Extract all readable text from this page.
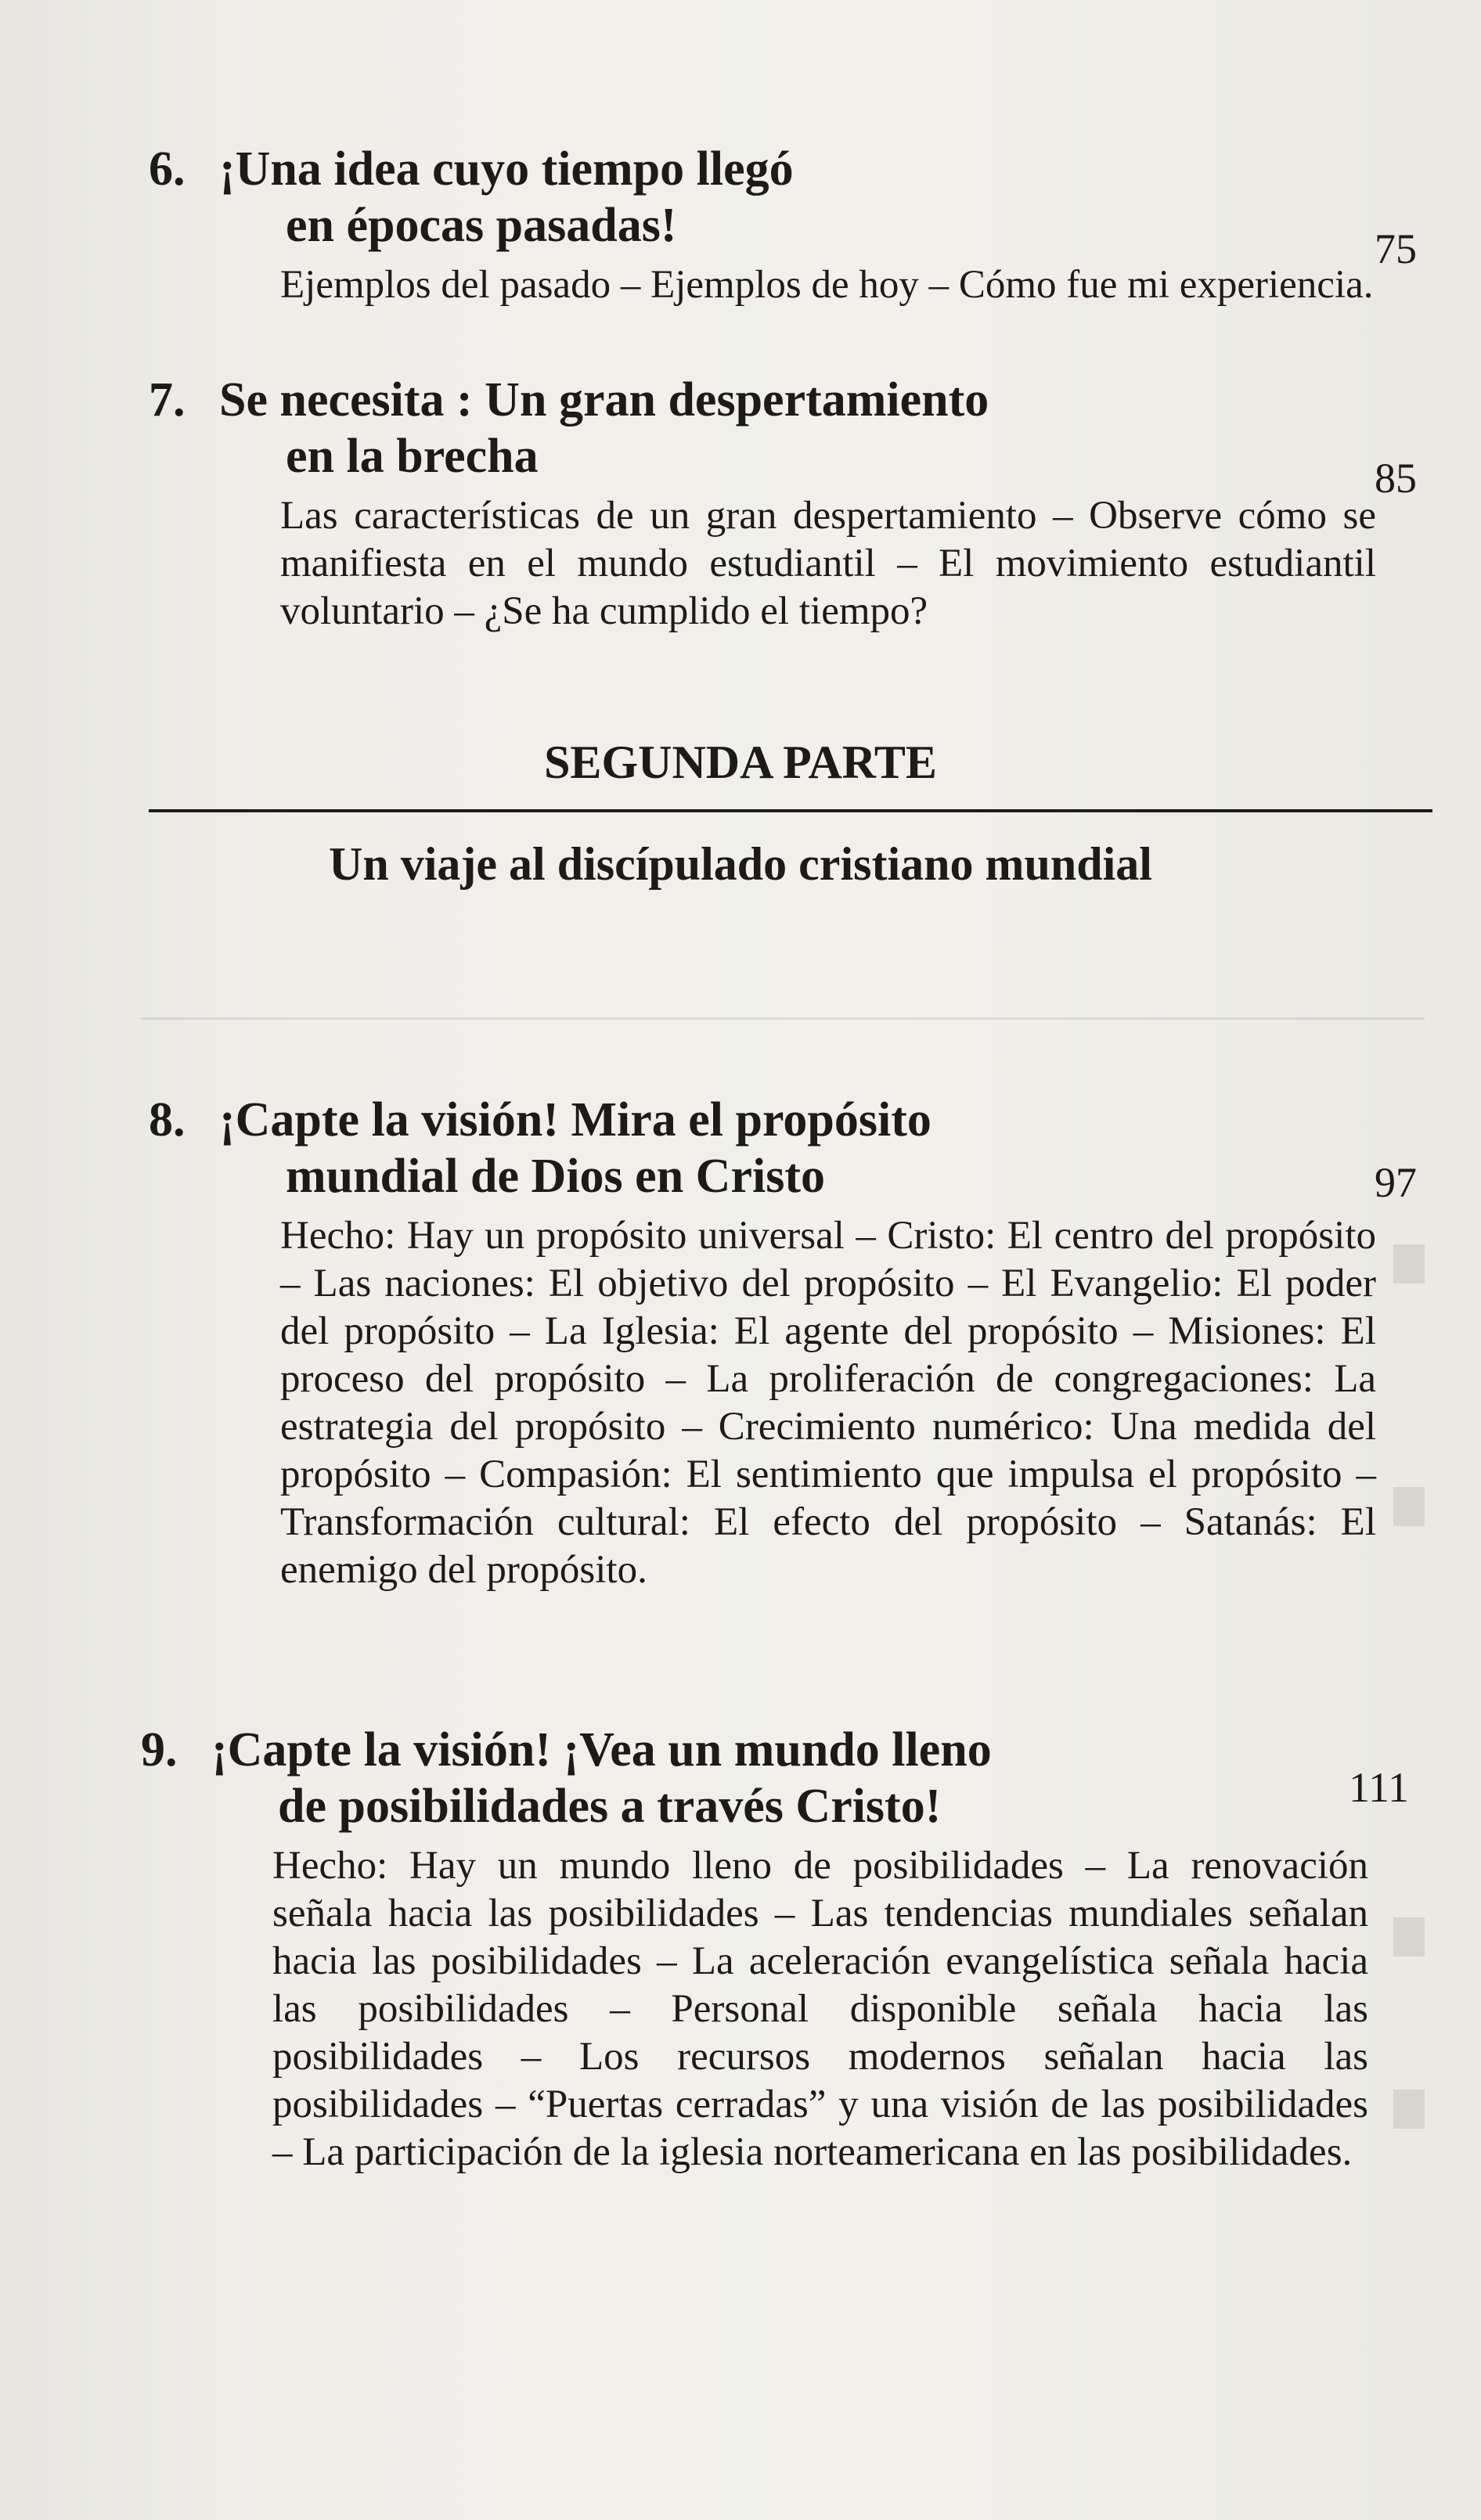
6. ¡Una idea cuyo tiempo llegó
en épocas pasadas!	75
Ejemplos del pasado – Ejemplos de hoy – Cómo fue mi experiencia.
7. Se necesita : Un gran despertamiento
en la brecha	85
Las características de un gran despertamiento – Observe cómo se manifiesta en el mundo estudiantil – El movimiento estudiantil voluntario – ¿Se ha cumplido el tiempo?
SEGUNDA PARTE
Un viaje al discípulado cristiano mundial
8. ¡Capte la visión! Mira el propósito
mundial de Dios en Cristo	97
Hecho: Hay un propósito universal – Cristo: El centro del propósito – Las naciones: El objetivo del propósito – El Evangelio: El poder del propósito – La Iglesia: El agente del propósito – Misiones: El proceso del propósito – La proliferación de congregaciones: La estrategia del propósito – Crecimiento numérico: Una medida del propósito – Compasión: El sentimiento que impulsa el propósito – Transformación cultural: El efecto del propósito – Satanás: El enemigo del propósito.
9. ¡Capte la visión! ¡Vea un mundo lleno
de posibilidades a través Cristo!	111
Hecho: Hay un mundo lleno de posibilidades – La renovación señala hacia las posibilidades – Las tendencias mundiales señalan hacia las posibilidades – La aceleración evangelística señala hacia las posibilidades – Personal disponible señala hacia las posibilidades – Los recursos modernos señalan hacia las posibilidades – “Puertas cerradas” y una visión de las posibilidades – La participación de la iglesia norteamericana en las posibilidades.
